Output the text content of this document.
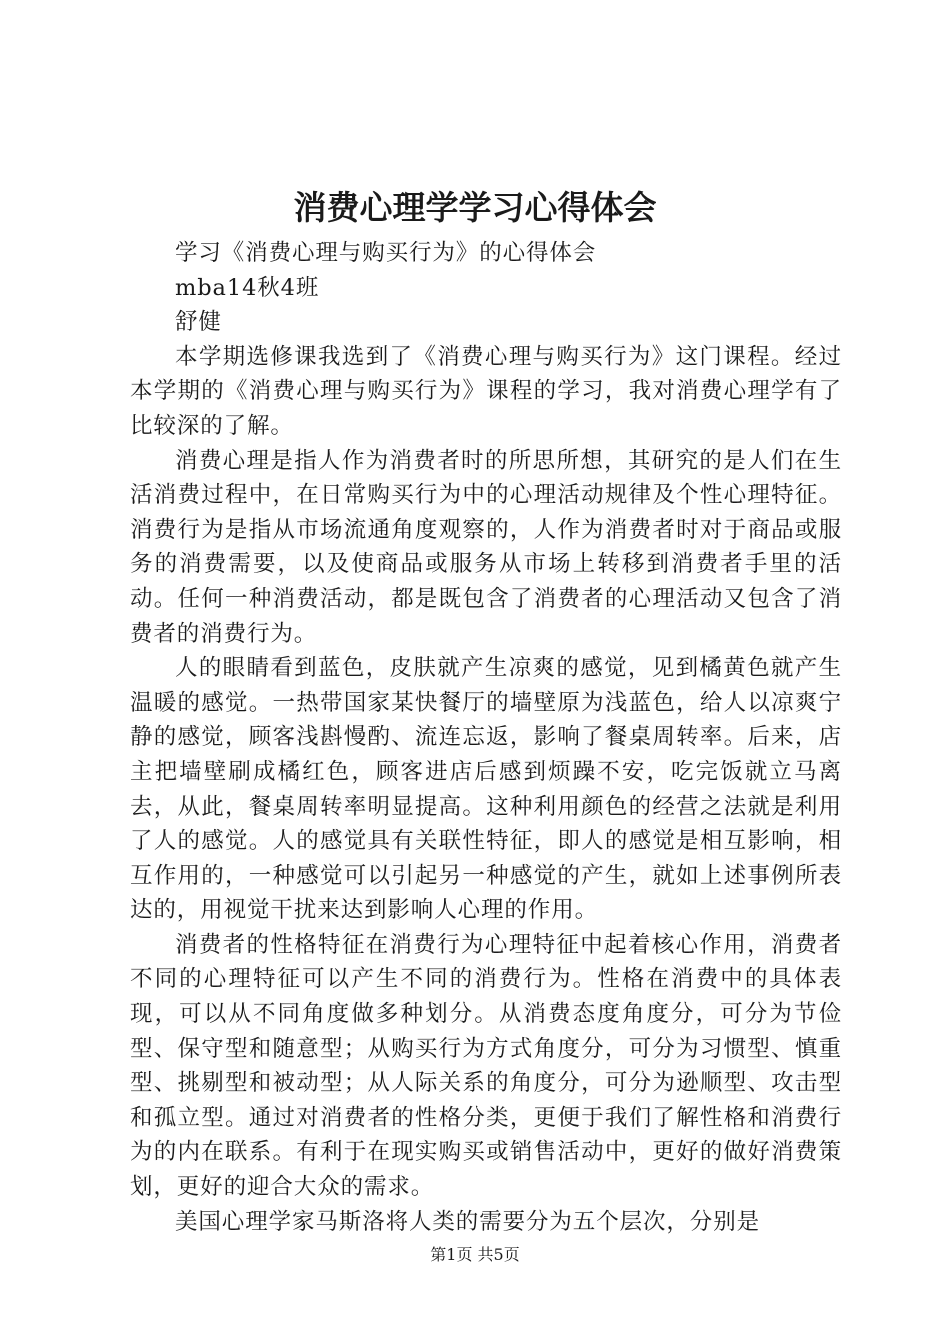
消费心理学学习心得体会

学习《消费心理与购买行为》的心得体会

mba14秋4班

舒健

本学期选修课我选到了《消费心理与购买行为》这门课程。经过本学期的《消费心理与购买行为》课程的学习，我对消费心理学有了比较深的了解。

消费心理是指人作为消费者时的所思所想，其研究的是人们在生活消费过程中，在日常购买行为中的心理活动规律及个性心理特征。消费行为是指从市场流通角度观察的，人作为消费者时对于商品或服务的消费需要，以及使商品或服务从市场上转移到消费者手里的活动。任何一种消费活动，都是既包含了消费者的心理活动又包含了消费者的消费行为。

人的眼睛看到蓝色，皮肤就产生凉爽的感觉，见到橘黄色就产生温暖的感觉。一热带国家某快餐厅的墙壁原为浅蓝色，给人以凉爽宁静的感觉，顾客浅斟慢酌、流连忘返，影响了餐桌周转率。后来，店主把墙壁刷成橘红色，顾客进店后感到烦躁不安，吃完饭就立马离去，从此，餐桌周转率明显提高。这种利用颜色的经营之法就是利用了人的感觉。人的感觉具有关联性特征，即人的感觉是相互影响，相互作用的，一种感觉可以引起另一种感觉的产生，就如上述事例所表达的，用视觉干扰来达到影响人心理的作用。

消费者的性格特征在消费行为心理特征中起着核心作用，消费者不同的心理特征可以产生不同的消费行为。性格在消费中的具体表现，可以从不同角度做多种划分。从消费态度角度分，可分为节俭型、保守型和随意型；从购买行为方式角度分，可分为习惯型、慎重型、挑剔型和被动型；从人际关系的角度分，可分为逊顺型、攻击型和孤立型。通过对消费者的性格分类，更便于我们了解性格和消费行为的内在联系。有利于在现实购买或销售活动中，更好的做好消费策划，更好的迎合大众的需求。

美国心理学家马斯洛将人类的需要分为五个层次，分别是

第1页 共5页
